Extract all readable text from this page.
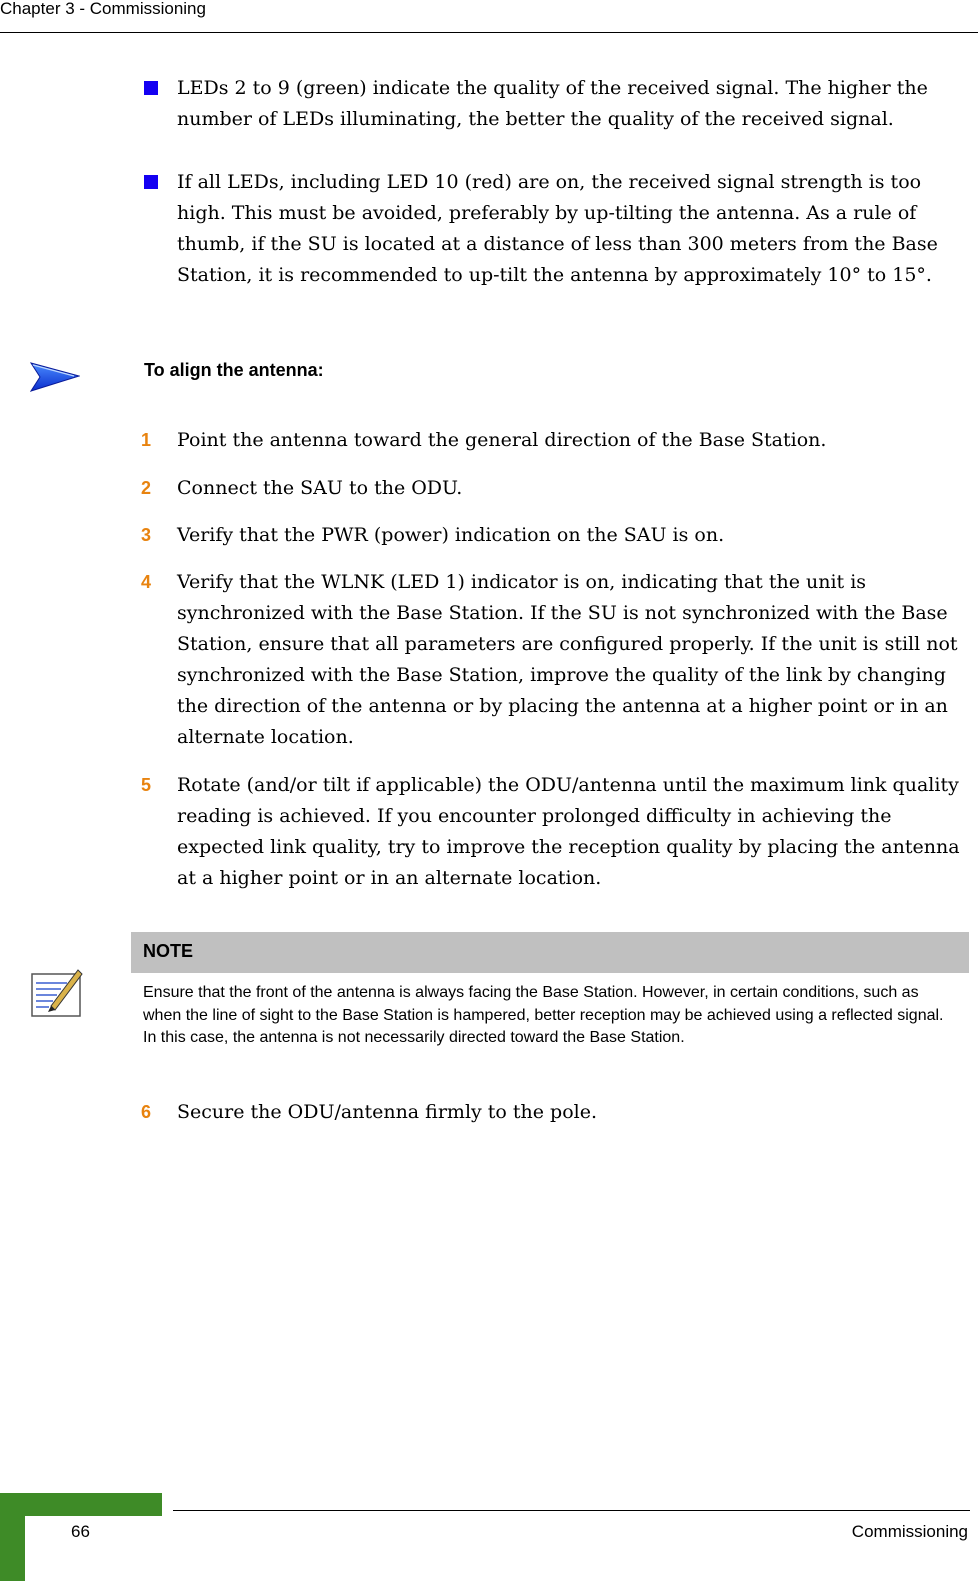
Chapter 3 - Commissioning
LEDs 2 to 9 (green) indicate the quality of the received signal. The higher the number of LEDs illuminating, the better the quality of the received signal.
If all LEDs, including LED 10 (red) are on, the received signal strength is too high. This must be avoided, preferably by up-tilting the antenna. As a rule of thumb, if the SU is located at a distance of less than 300 meters from the Base Station, it is recommended to up-tilt the antenna by approximately 10° to 15°.
To align the antenna:
1 Point the antenna toward the general direction of the Base Station.
2 Connect the SAU to the ODU.
3 Verify that the PWR (power) indication on the SAU is on.
4 Verify that the WLNK (LED 1) indicator is on, indicating that the unit is synchronized with the Base Station. If the SU is not synchronized with the Base Station, ensure that all parameters are configured properly. If the unit is still not synchronized with the Base Station, improve the quality of the link by changing the direction of the antenna or by placing the antenna at a higher point or in an alternate location.
5 Rotate (and/or tilt if applicable) the ODU/antenna until the maximum link quality reading is achieved. If you encounter prolonged difficulty in achieving the expected link quality, try to improve the reception quality by placing the antenna at a higher point or in an alternate location.
NOTE
Ensure that the front of the antenna is always facing the Base Station. However, in certain conditions, such as when the line of sight to the Base Station is hampered, better reception may be achieved using a reflected signal. In this case, the antenna is not necessarily directed toward the Base Station.
6 Secure the ODU/antenna firmly to the pole.
66	Commissioning
